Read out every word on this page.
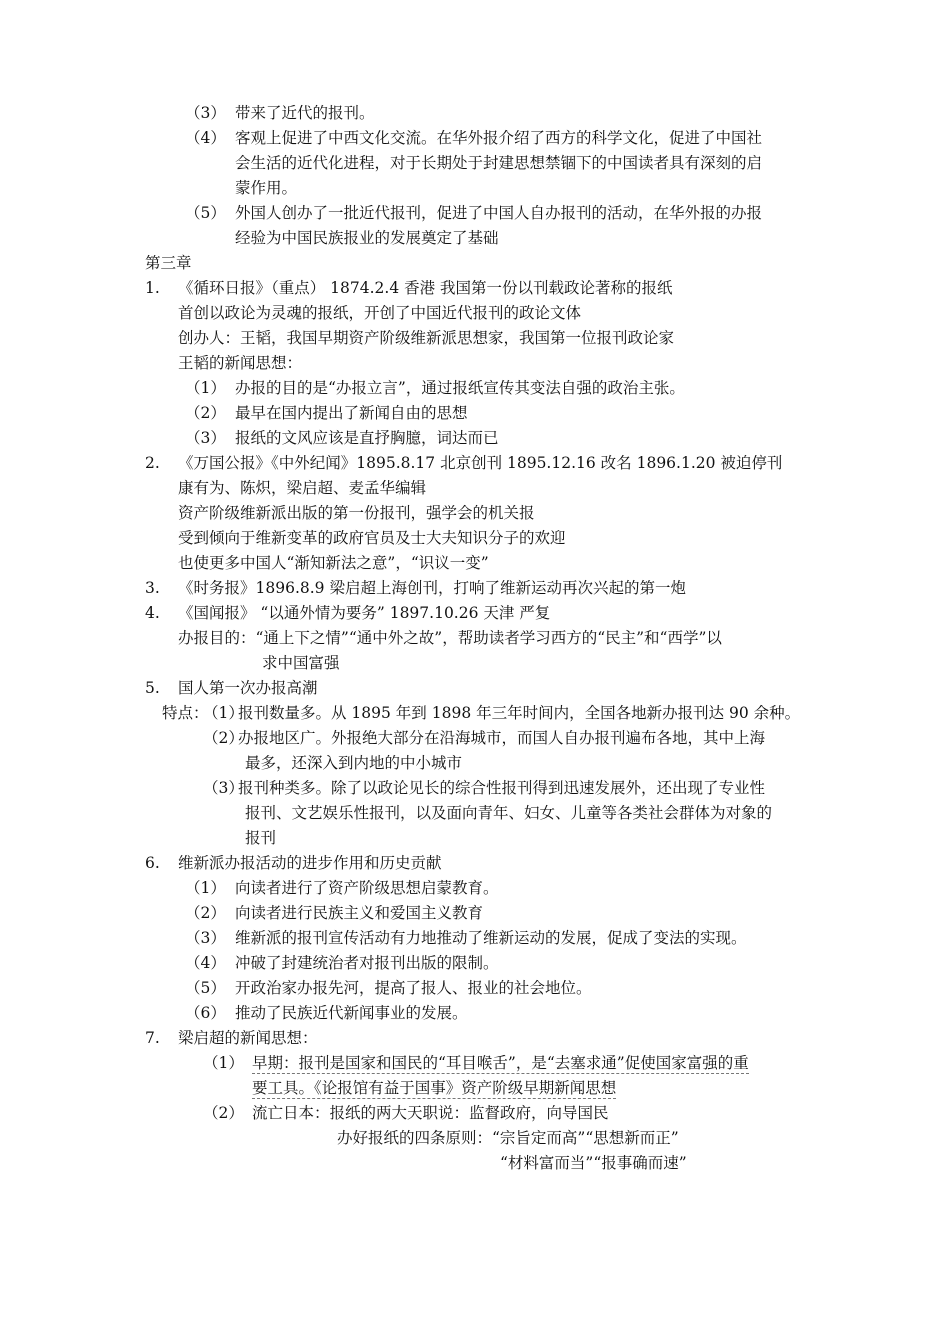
（3） 带来了近代的报刊。
（4） 客观上促进了中西文化交流。在华外报介绍了西方的科学文化，促进了中国社
会生活的近代化进程，对于长期处于封建思想禁锢下的中国读者具有深刻的启
蒙作用。
（5） 外国人创办了一批近代报刊，促进了中国人自办报刊的活动，在华外报的办报
经验为中国民族报业的发展奠定了基础
第三章
1. 《循环日报》（重点） 1874.2.4 香港 我国第一份以刊载政论著称的报纸
首创以政论为灵魂的报纸，开创了中国近代报刊的政论文体
创办人：王韬，我国早期资产阶级维新派思想家，我国第一位报刊政论家
王韬的新闻思想：
（1） 办报的目的是“办报立言”，通过报纸宣传其变法自强的政治主张。
（2） 最早在国内提出了新闻自由的思想
（3） 报纸的文风应该是直抒胸臆，词达而已
2. 《万国公报》《中外纪闻》1895.8.17 北京创刊 1895.12.16 改名 1896.1.20 被迫停刊
康有为、陈炽，梁启超、麦孟华编辑
资产阶级维新派出版的第一份报刊，强学会的机关报
受到倾向于维新变革的政府官员及士大夫知识分子的欢迎
也使更多中国人“渐知新法之意”，“识议一变”
3. 《时务报》1896.8.9 梁启超上海创刊，打响了维新运动再次兴起的第一炮
4. 《国闻报》 “以通外情为要务” 1897.10.26 天津 严复
办报目的：“通上下之情”“通中外之故”，帮助读者学习西方的“民主”和“西学”以
求中国富强
5. 国人第一次办报高潮
特点：
（1）
报刊数量多。从 1895 年到 1898 年三年时间内，全国各地新办报刊达 90 余种。
（2）
办报地区广。外报绝大部分在沿海城市，而国人自办报刊遍布各地，其中上海
最多，还深入到内地的中小城市
（3）
报刊种类多。除了以政论见长的综合性报刊得到迅速发展外，还出现了专业性
报刊、文艺娱乐性报刊，以及面向青年、妇女、儿童等各类社会群体为对象的
报刊
6. 维新派办报活动的进步作用和历史贡献
（1） 向读者进行了资产阶级思想启蒙教育。
（2） 向读者进行民族主义和爱国主义教育
（3） 维新派的报刊宣传活动有力地推动了维新运动的发展，促成了变法的实现。
（4） 冲破了封建统治者对报刊出版的限制。
（5） 开政治家办报先河，提高了报人、报业的社会地位。
（6） 推动了民族近代新闻事业的发展。
7. 梁启超的新闻思想：
（1） 早期：报刊是国家和国民的“耳目喉舌”，是“去塞求通”促使国家富强的重
要工具。《论报馆有益于国事》资产阶级早期新闻思想
（2） 流亡日本：报纸的两大天职说：监督政府，向导国民
办好报纸的四条原则：“宗旨定而高”“思想新而正”
“材料富而当”“报事确而速”
